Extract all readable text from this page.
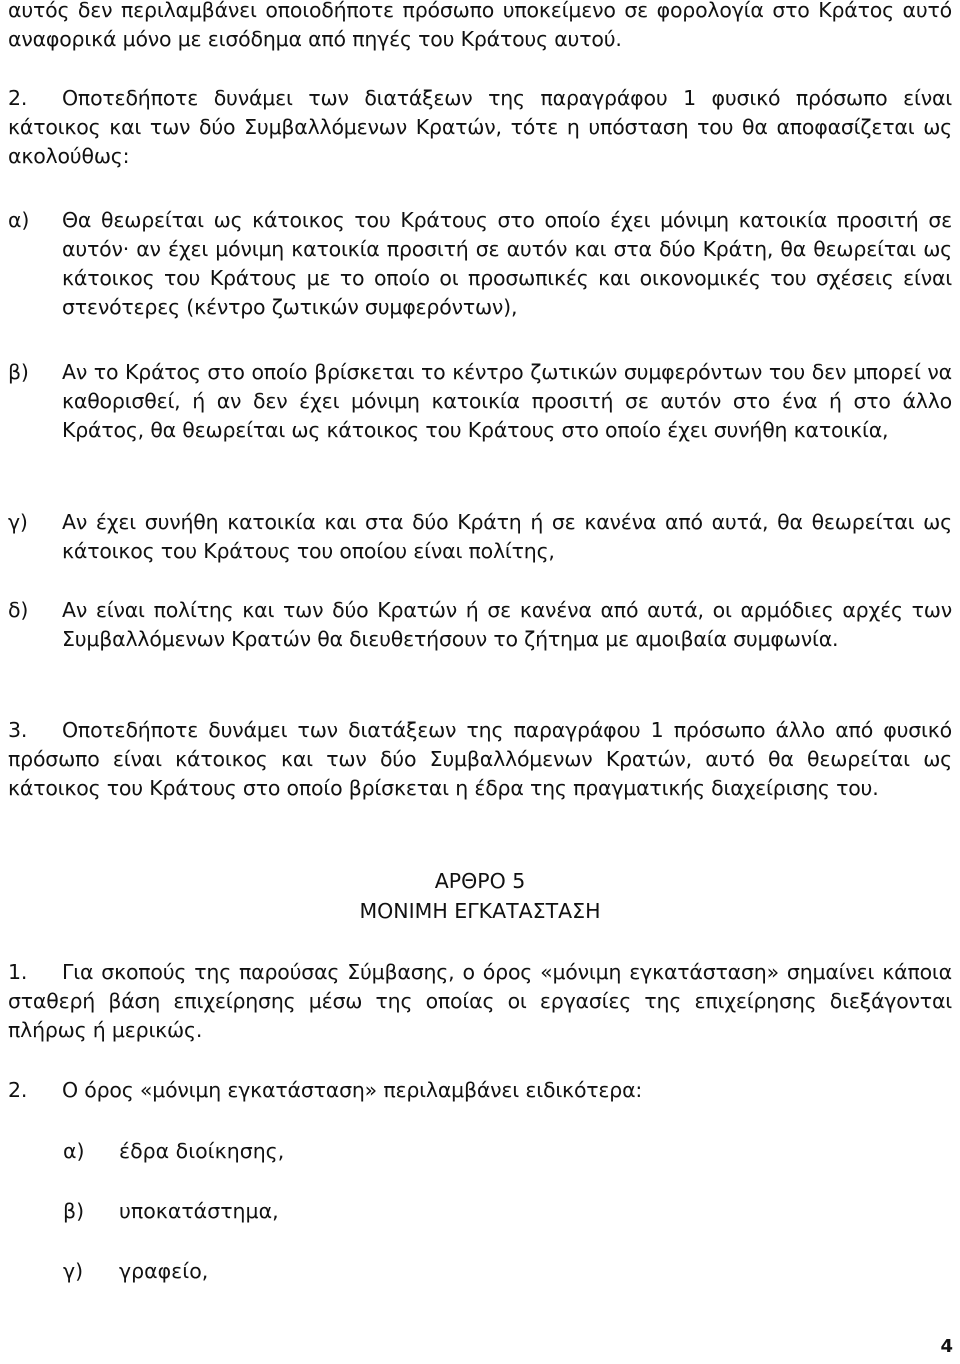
αυτός δεν περιλαμβάνει οποιοδήποτε πρόσωπο υποκείμενο σε φορολογία στο Κράτος αυτό αναφορικά μόνο με εισόδημα από πηγές του Κράτους αυτού.

2.	Οποτεδήποτε δυνάμει των διατάξεων της παραγράφου 1 φυσικό πρόσωπο είναι κάτοικος και των δύο Συμβαλλόμενων Κρατών, τότε η υπόσταση του θα αποφασίζεται ως ακολούθως:
α) Θα θεωρείται ως κάτοικος του Κράτους στο οποίο έχει μόνιμη κατοικία προσιτή σε αυτόν· αν έχει μόνιμη κατοικία προσιτή σε αυτόν και στα δύο Κράτη, θα θεωρείται ως κάτοικος του Κράτους με το οποίο οι προσωπικές και οικονομικές του σχέσεις είναι στενότερες (κέντρο ζωτικών συμφερόντων),
β) Αν το Κράτος στο οποίο βρίσκεται το κέντρο ζωτικών συμφερόντων του δεν μπορεί να καθορισθεί, ή αν δεν έχει μόνιμη κατοικία προσιτή σε αυτόν στο ένα ή στο άλλο Κράτος, θα θεωρείται ως κάτοικος του Κράτους στο οποίο έχει συνήθη κατοικία,
γ) Αν έχει συνήθη κατοικία και στα δύο Κράτη ή σε κανένα από αυτά, θα θεωρείται ως κάτοικος του Κράτους του οποίου είναι πολίτης,
δ) Αν είναι πολίτης και των δύο Κρατών ή σε κανένα από αυτά, οι αρμόδιες αρχές των Συμβαλλόμενων Κρατών θα διευθετήσουν το ζήτημα με αμοιβαία συμφωνία.
3.	Οποτεδήποτε δυνάμει των διατάξεων της παραγράφου 1 πρόσωπο άλλο από φυσικό πρόσωπο είναι κάτοικος και των δύο Συμβαλλόμενων Κρατών, αυτό θα θεωρείται ως κάτοικος του Κράτους στο οποίο βρίσκεται η έδρα της πραγματικής διαχείρισης του.

ΑΡΘΡΟ 5

ΜΟΝΙΜΗ ΕΓΚΑΤΑΣΤΑΣΗ

1.	Για σκοπούς της παρούσας Σύμβασης, ο όρος «μόνιμη εγκατάσταση» σημαίνει κάποια σταθερή βάση επιχείρησης μέσω της οποίας οι εργασίες της επιχείρησης διεξάγονται πλήρως ή μερικώς.
2. Ο όρος «μόνιμη εγκατάσταση» περιλαμβάνει ειδικότερα:
α) έδρα διοίκησης,
β) υποκατάστημα,
γ) γραφείο,
4
